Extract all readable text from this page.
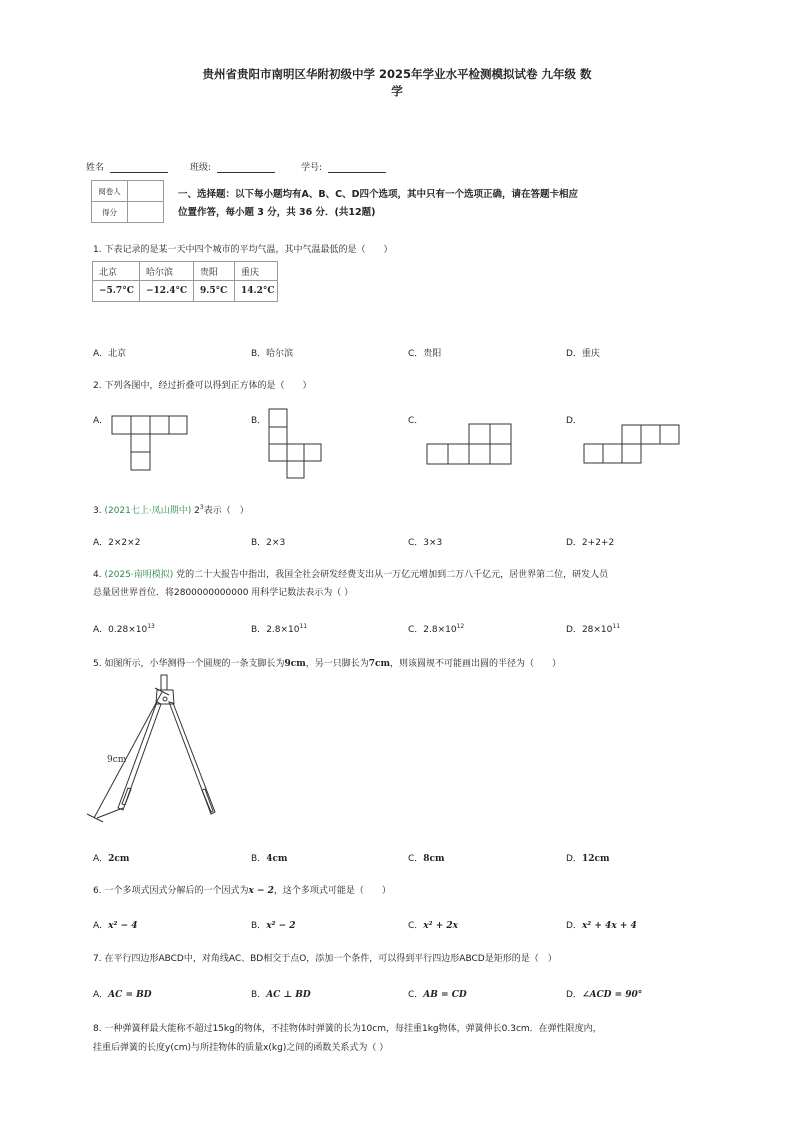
贵州省贵阳市南明区华附初级中学 2025年学业水平检测模拟试卷 九年级 数
学
姓名	班级:	学号:
阅卷人	
得分	
一、选择题：以下每小题均有A、B、C、D四个选项，其中只有一个选项正确，请在答题卡相应
位置作答，每小题 3 分，共 36 分．(共12题)
1. 下表记录的是某一天中四个城市的平均气温，其中气温最低的是（　　）
北京	哈尔滨	贵阳	重庆
−5.7°C	−12.4°C	9.5°C	14.2°C
A．北京	B．哈尔滨	C．贵阳	D．重庆
2. 下列各图中，经过折叠可以得到正方体的是（　　）
A．	B．	C．	D．
3. (2021七上·凤山期中) $2^3$表示（　）
A．2×2×2	B．2×3	C．3×3	D．2+2+2
4. (2025·南明模拟) 党的二十大报告中指出，我国全社会研发经费支出从一万亿元增加到二万八千亿元，居世界第二位，研发人员
总量居世界首位．将2800000000000 用科学记数法表示为（ ）
A．$0.28\times 10^{13}$	B．$2.8\times 10^{11}$	C．$2.8\times 10^{12}$	D．$28\times 10^{11}$
5. 如图所示，小华测得一个圆规的一条支脚长为9cm，另一只脚长为7cm，则该圆规不可能画出圆的半径为（　　）
9cm
A．2cm	B．4cm	C．8cm	D．12cm
6. 一个多项式因式分解后的一个因式为x − 2，这个多项式可能是（　　）
A．x² − 4	B．x² − 2	C．x² + 2x	D．x² + 4x + 4
7. 在平行四边形ABCD中，对角线AC、BD相交于点O，添加一个条件，可以得到平行四边形ABCD是矩形的是（　）
A．AC = BD	B．AC ⊥ BD	C．AB = CD	D．∠ACD = 90°
8. 一种弹簧秤最大能称不超过15kg的物体，不挂物体时弹簧的长为10cm，每挂重1kg物体，弹簧伸长0.3cm．在弹性限度内，
挂重后弹簧的长度y(cm)与所挂物体的质量x(kg)之间的函数关系式为（ ）
